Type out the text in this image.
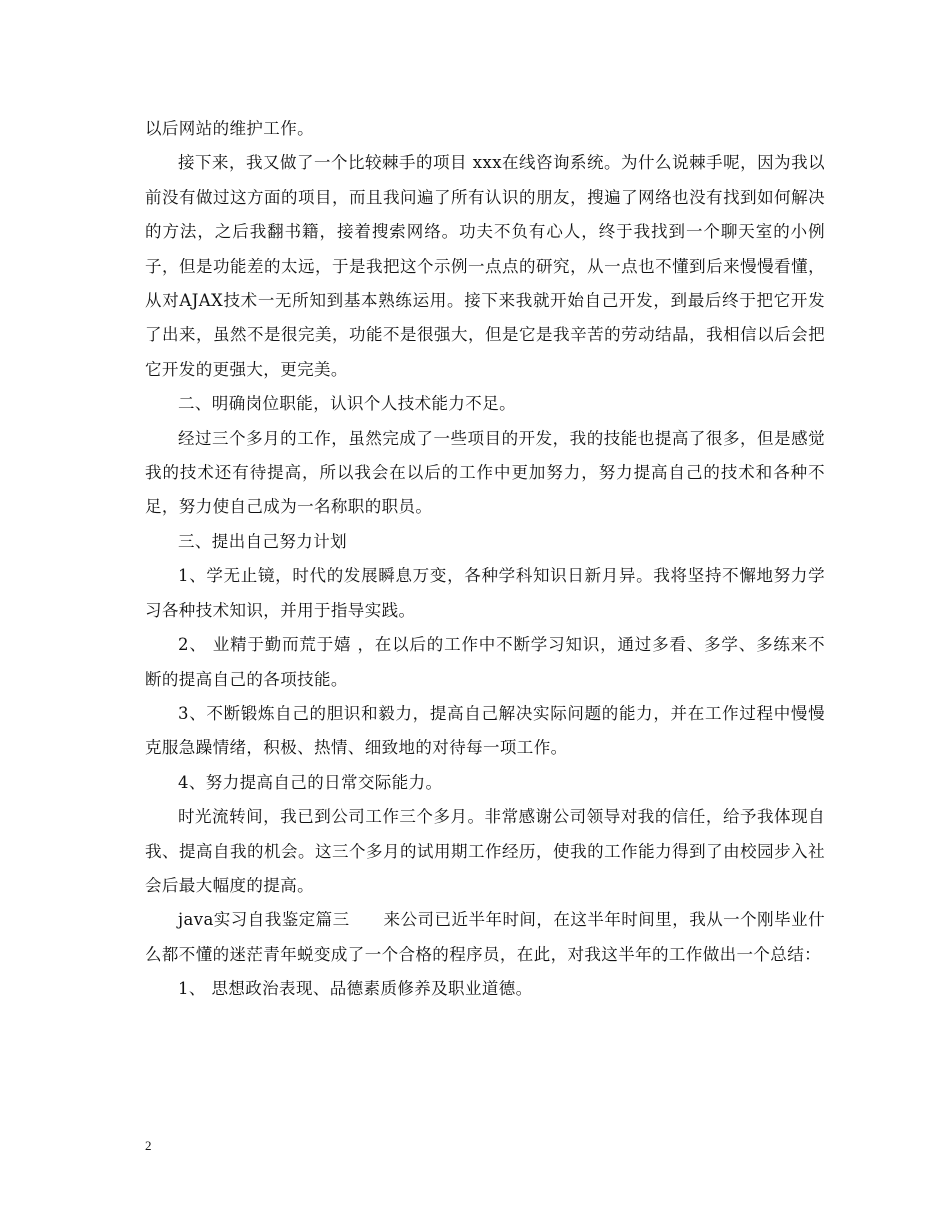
以后网站的维护工作。

接下来，我又做了一个比较棘手的项目 xxx在线咨询系统。为什么说棘手呢，因为我以前没有做过这方面的项目，而且我问遍了所有认识的朋友，搜遍了网络也没有找到如何解决的方法，之后我翻书籍，接着搜索网络。功夫不负有心人，终于我找到一个聊天室的小例子，但是功能差的太远，于是我把这个示例一点点的研究，从一点也不懂到后来慢慢看懂，从对AJAX技术一无所知到基本熟练运用。接下来我就开始自己开发，到最后终于把它开发了出来，虽然不是很完美，功能不是很强大，但是它是我辛苦的劳动结晶，我相信以后会把它开发的更强大，更完美。

二、明确岗位职能，认识个人技术能力不足。

经过三个多月的工作，虽然完成了一些项目的开发，我的技能也提高了很多，但是感觉我的技术还有待提高，所以我会在以后的工作中更加努力，努力提高自己的技术和各种不足，努力使自己成为一名称职的职员。

三、提出自己努力计划

1、学无止镜，时代的发展瞬息万变，各种学科知识日新月异。我将坚持不懈地努力学习各种技术知识，并用于指导实践。

2、 业精于勤而荒于嬉 ，在以后的工作中不断学习知识，通过多看、多学、多练来不断的提高自己的各项技能。

3、不断锻炼自己的胆识和毅力，提高自己解决实际问题的能力，并在工作过程中慢慢克服急躁情绪，积极、热情、细致地的对待每一项工作。

4、努力提高自己的日常交际能力。

时光流转间，我已到公司工作三个多月。非常感谢公司领导对我的信任，给予我体现自我、提高自我的机会。这三个多月的试用期工作经历，使我的工作能力得到了由校园步入社会后最大幅度的提高。

java实习自我鉴定篇三　　来公司已近半年时间，在这半年时间里，我从一个刚毕业什么都不懂的迷茫青年蜕变成了一个合格的程序员，在此，对我这半年的工作做出一个总结：

1、 思想政治表现、品德素质修养及职业道德。

2
